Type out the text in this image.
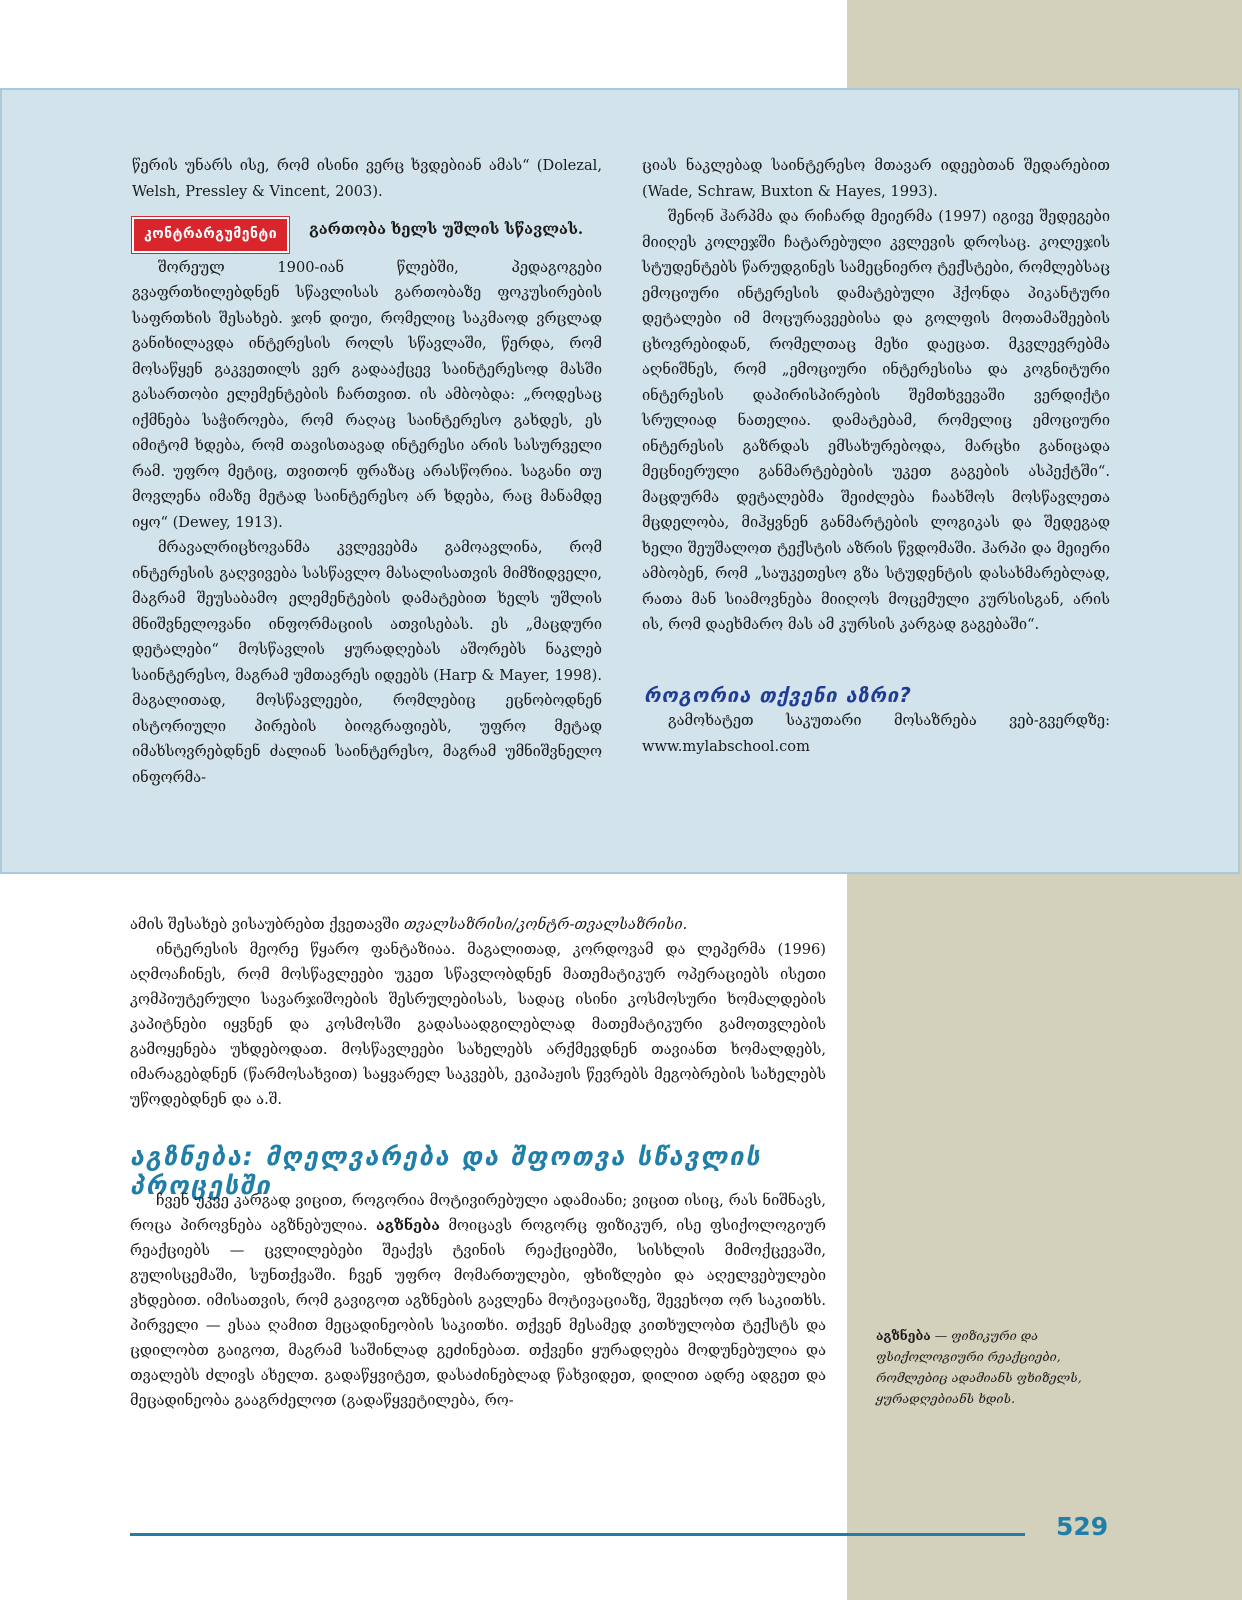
წერის უნარს ისე, რომ ისინი ვერც ხვდებიან ამას“ (Dolezal, Welsh, Pressley & Vincent, 2003).

კონტრარგუმენტი	გართობა ხელს უშლის სწავლას.

შორეულ 1900-იან წლებში, პედაგოგები გვაფრთხილებდნენ სწავლისას გართობაზე ფოკუსირების საფრთხის შესახებ. ჯონ დიუი, რომელიც საკმაოდ ვრცლად განიხილავდა ინტერესის როლს სწავლაში, წერდა, რომ მოსაწყენ გაკვეთილს ვერ გადააქცევ საინტერესოდ მასში გასართობი ელემენტების ჩართვით. ის ამბობდა: „როდესაც იქმნება საჭიროება, რომ რაღაც საინტერესო გახდეს, ეს იმიტომ ხდება, რომ თავისთავად ინტერესი არის სასურველი რამ. უფრო მეტიც, თვითონ ფრაზაც არასწორია. საგანი თუ მოვლენა იმაზე მეტად საინტერესო არ ხდება, რაც მანამდე იყო“ (Dewey, 1913).

მრავალრიცხოვანმა კვლევებმა გამოავლინა, რომ ინტერესის გაღვივება სასწავლო მასალისათვის მიმზიდველი, მაგრამ შეუსაბამო ელემენტების დამატებით ხელს უშლის მნიშვნელოვანი ინფორმაციის ათვისებას. ეს „მაცდური დეტალები“ მოსწავლის ყურადღებას აშორებს ნაკლებ საინტერესო, მაგრამ უმთავრეს იდეებს (Harp & Mayer, 1998). მაგალითად, მოსწავლეები, რომლებიც ეცნობოდნენ ისტორიული პირების ბიოგრაფიებს, უფრო მეტად იმახსოვრებდნენ ძალიან საინტერესო, მაგრამ უმნიშვნელო ინფორმა-

ციას ნაკლებად საინტერესო მთავარ იდეებთან შედარებით (Wade, Schraw, Buxton & Hayes, 1993).

შენონ ჰარპმა და რიჩარდ მეიერმა (1997) იგივე შედეგები მიიღეს კოლეჯში ჩატარებული კვლევის დროსაც. კოლეჯის სტუდენტებს წარუდგინეს სამეცნიერო ტექსტები, რომლებსაც ემოციური ინტერესის დამატებული ჰქონდა პიკანტური დეტალები იმ მოცურავეებისა და გოლფის მოთამაშეების ცხოვრებიდან, რომელთაც მეხი დაეცათ. მკვლევრებმა აღნიშნეს, რომ „ემოციური ინტერესისა და კოგნიტური ინტერესის დაპირისპირების შემთხვევაში ვერდიქტი სრულიად ნათელია. დამატებამ, რომელიც ემოციური ინტერესის გაზრდას ემსახურებოდა, მარცხი განიცადა მეცნიერული განმარტებების უკეთ გაგების ასპექტში“. მაცდურმა დეტალებმა შეიძლება ჩაახშოს მოსწავლეთა მცდელობა, მიჰყვნენ განმარტების ლოგიკას და შედეგად ხელი შეუშალოთ ტექსტის აზრის წვდომაში. ჰარპი და მეიერი ამბობენ, რომ „საუკეთესო გზა სტუდენტის დასახმარებლად, რათა მან სიამოვნება მიიღოს მოცემული კურსისგან, არის ის, რომ დაეხმარო მას ამ კურსის კარგად გაგებაში“.

როგორია თქვენი აზრი?

გამოხატეთ საკუთარი მოსაზრება ვებ-გვერდზე: www.mylabschool.com

ამის შესახებ ვისაუბრებთ ქვეთავში თვალსაზრისი/კონტრ-თვალსაზრისი.

ინტერესის მეორე წყარო ფანტაზიაა. მაგალითად, კორდოვამ და ლეპერმა (1996) აღმოაჩინეს, რომ მოსწავლეები უკეთ სწავლობდნენ მათემატიკურ ოპერაციებს ისეთი კომპიუტერული სავარჯიშოების შესრულებისას, სადაც ისინი კოსმოსური ხომალდების კაპიტნები იყვნენ და კოსმოსში გადასაადგილებლად მათემატიკური გამოთვლების გამოყენება უხდებოდათ. მოსწავლეები სახელებს არქმევდნენ თავიანთ ხომალდებს, იმარაგებდნენ (წარმოსახვით) საყვარელ საკვებს, ეკიპაჟის წევრებს მეგობრების სახელებს უწოდებდნენ და ა.შ.

აგზნება: მღელვარება და შფოთვა სწავლის პროცესში

ჩვენ უკვე კარგად ვიცით, როგორია მოტივირებული ადამიანი; ვიცით ისიც, რას ნიშნავს, როცა პიროვნება აგზნებულია. აგზნება მოიცავს როგორც ფიზიკურ, ისე ფსიქოლოგიურ რეაქციებს — ცვლილებები შეაქვს ტვინის რეაქციებში, სისხლის მიმოქცევაში, გულისცემაში, სუნთქვაში. ჩვენ უფრო მომართულები, ფხიზლები და აღელვებულები ვხდებით. იმისათვის, რომ გავიგოთ აგზნების გავლენა მოტივაციაზე, შევეხოთ ორ საკითხს. პირველი — ესაა ღამით მეცადინეობის საკითხი. თქვენ მესამედ კითხულობთ ტექსტს და ცდილობთ გაიგოთ, მაგრამ საშინლად გეძინებათ. თქვენი ყურადღება მოდუნებულია და თვალებს ძლივს ახელთ. გადაწყვიტეთ, დასაძინებლად წახვიდეთ, დილით ადრე ადგეთ და მეცადინეობა გააგრძელოთ (გადაწყვეტილება, რო-

აგზნება — ფიზიკური და ფსიქოლოგიური რეაქციები, რომლებიც ადამიანს ფხიზელს, ყურადღებიანს ხდის.
529
